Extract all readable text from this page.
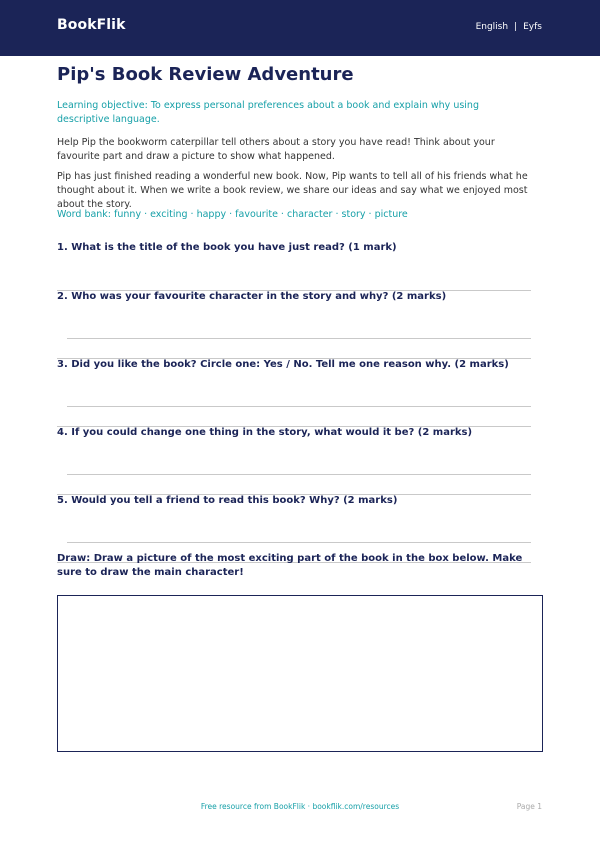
BookFlik	English | Eyfs
Pip's Book Review Adventure
Learning objective: To express personal preferences about a book and explain why using descriptive language.

Help Pip the bookworm caterpillar tell others about a story you have read! Think about your favourite part and draw a picture to show what happened.

Pip has just finished reading a wonderful new book. Now, Pip wants to tell all of his friends what he thought about it. When we write a book review, we share our ideas and say what we enjoyed most about the story.

Word bank: funny · exciting · happy · favourite · character · story · picture
1. What is the title of the book you have just read? (1 mark)
2. Who was your favourite character in the story and why? (2 marks)
3. Did you like the book? Circle one: Yes / No. Tell me one reason why. (2 marks)
4. If you could change one thing in the story, what would it be? (2 marks)
5. Would you tell a friend to read this book? Why? (2 marks)
Draw: Draw a picture of the most exciting part of the book in the box below. Make sure to draw the main character!
Free resource from BookFlik · bookflik.com/resources	Page 1
